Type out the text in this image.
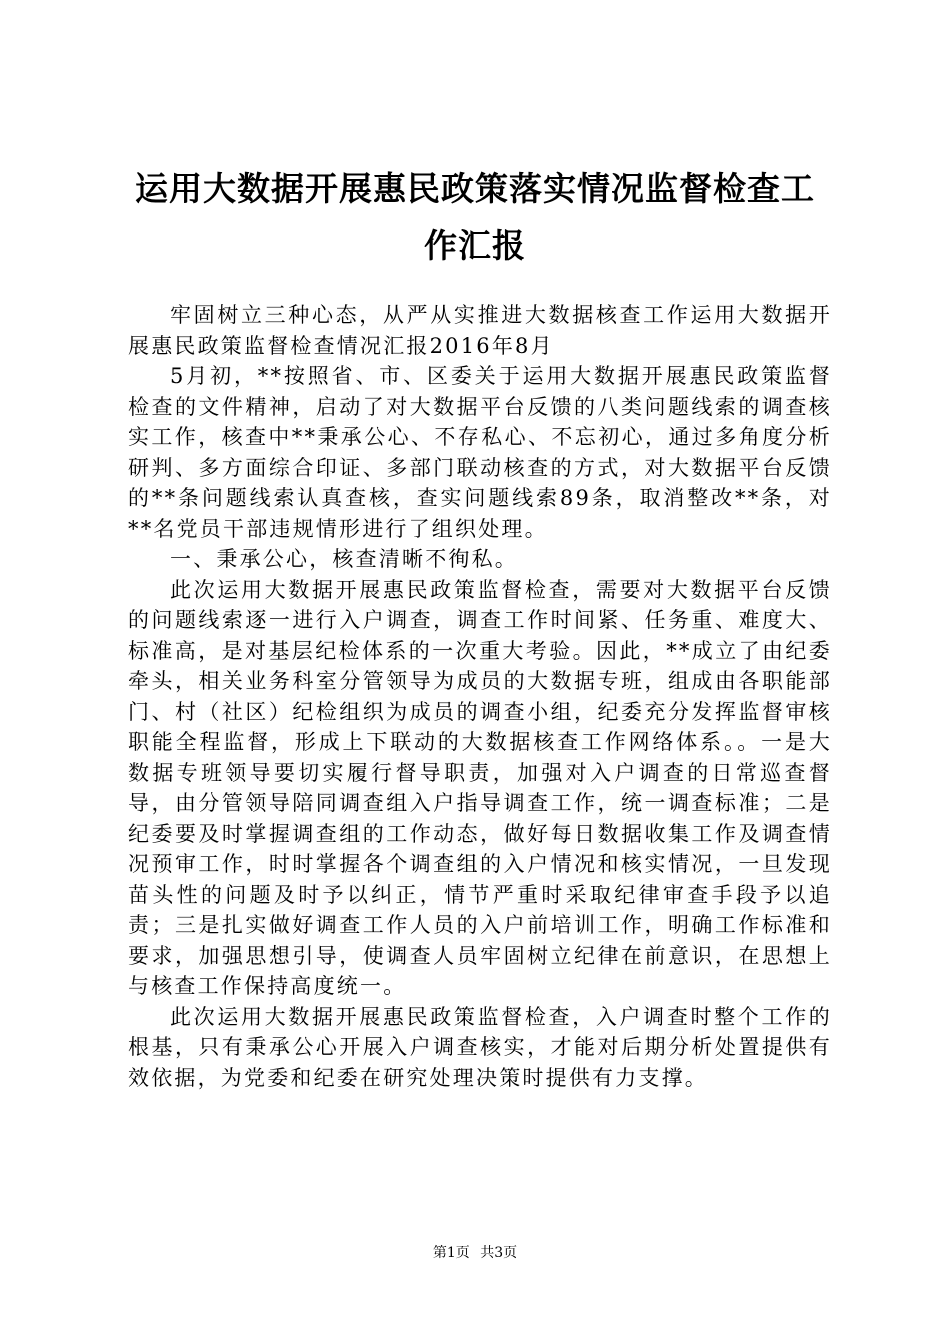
运用大数据开展惠民政策落实情况监督检查工作汇报

牢固树立三种心态，从严从实推进大数据核查工作运用大数据开展惠民政策监督检查情况汇报2016年8月

5月初，**按照省、市、区委关于运用大数据开展惠民政策监督检查的文件精神，启动了对大数据平台反馈的八类问题线索的调查核实工作，核查中**秉承公心、不存私心、不忘初心，通过多角度分析研判、多方面综合印证、多部门联动核查的方式，对大数据平台反馈的**条问题线索认真查核，查实问题线索89条，取消整改**条，对**名党员干部违规情形进行了组织处理。

一、秉承公心，核查清晰不徇私。

此次运用大数据开展惠民政策监督检查，需要对大数据平台反馈的问题线索逐一进行入户调查，调查工作时间紧、任务重、难度大、标准高，是对基层纪检体系的一次重大考验。因此，**成立了由纪委牵头，相关业务科室分管领导为成员的大数据专班，组成由各职能部门、村（社区）纪检组织为成员的调查小组，纪委充分发挥监督审核职能全程监督，形成上下联动的大数据核查工作网络体系。。一是大数据专班领导要切实履行督导职责，加强对入户调查的日常巡查督导，由分管领导陪同调查组入户指导调查工作，统一调查标准；二是纪委要及时掌握调查组的工作动态，做好每日数据收集工作及调查情况预审工作，时时掌握各个调查组的入户情况和核实情况，一旦发现苗头性的问题及时予以纠正，情节严重时采取纪律审查手段予以追责；三是扎实做好调查工作人员的入户前培训工作，明确工作标准和要求，加强思想引导，使调查人员牢固树立纪律在前意识，在思想上与核查工作保持高度统一。

此次运用大数据开展惠民政策监督检查，入户调查时整个工作的根基，只有秉承公心开展入户调查核实，才能对后期分析处置提供有效依据，为党委和纪委在研究处理决策时提供有力支撑。

第1页 共3页
